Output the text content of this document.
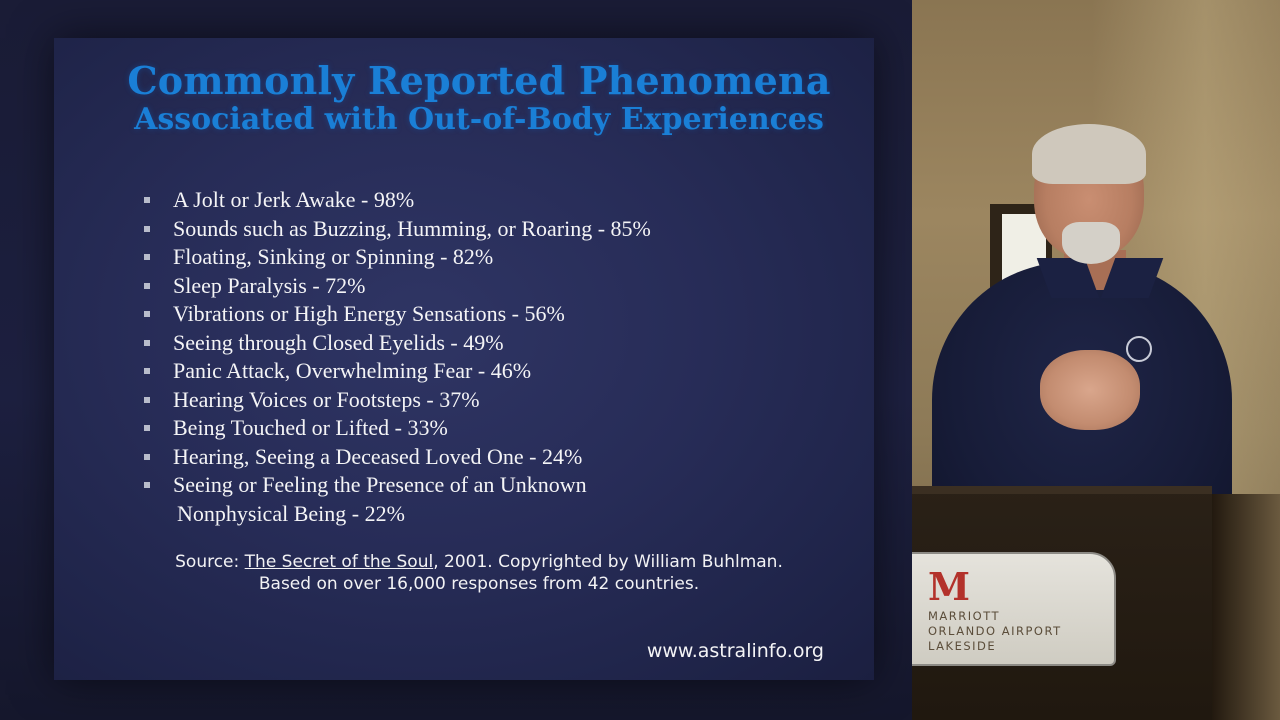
Commonly Reported Phenomena
Associated with Out-of-Body Experiences
A Jolt or Jerk Awake - 98%
Sounds such as Buzzing, Humming, or Roaring - 85%
Floating, Sinking or Spinning - 82%
Sleep Paralysis - 72%
Vibrations or High Energy Sensations - 56%
Seeing through Closed Eyelids - 49%
Panic Attack, Overwhelming Fear - 46%
Hearing Voices or Footsteps - 37%
Being Touched or Lifted - 33%
Hearing, Seeing a Deceased Loved One - 24%
Seeing or Feeling the Presence of an Unknown
Nonphysical Being - 22%
Source: The Secret of the Soul, 2001. Copyrighted by William Buhlman.
Based on over 16,000 responses from 42 countries.
www.astralinfo.org
M
MARRIOTT
ORLANDO AIRPORT
LAKESIDE
